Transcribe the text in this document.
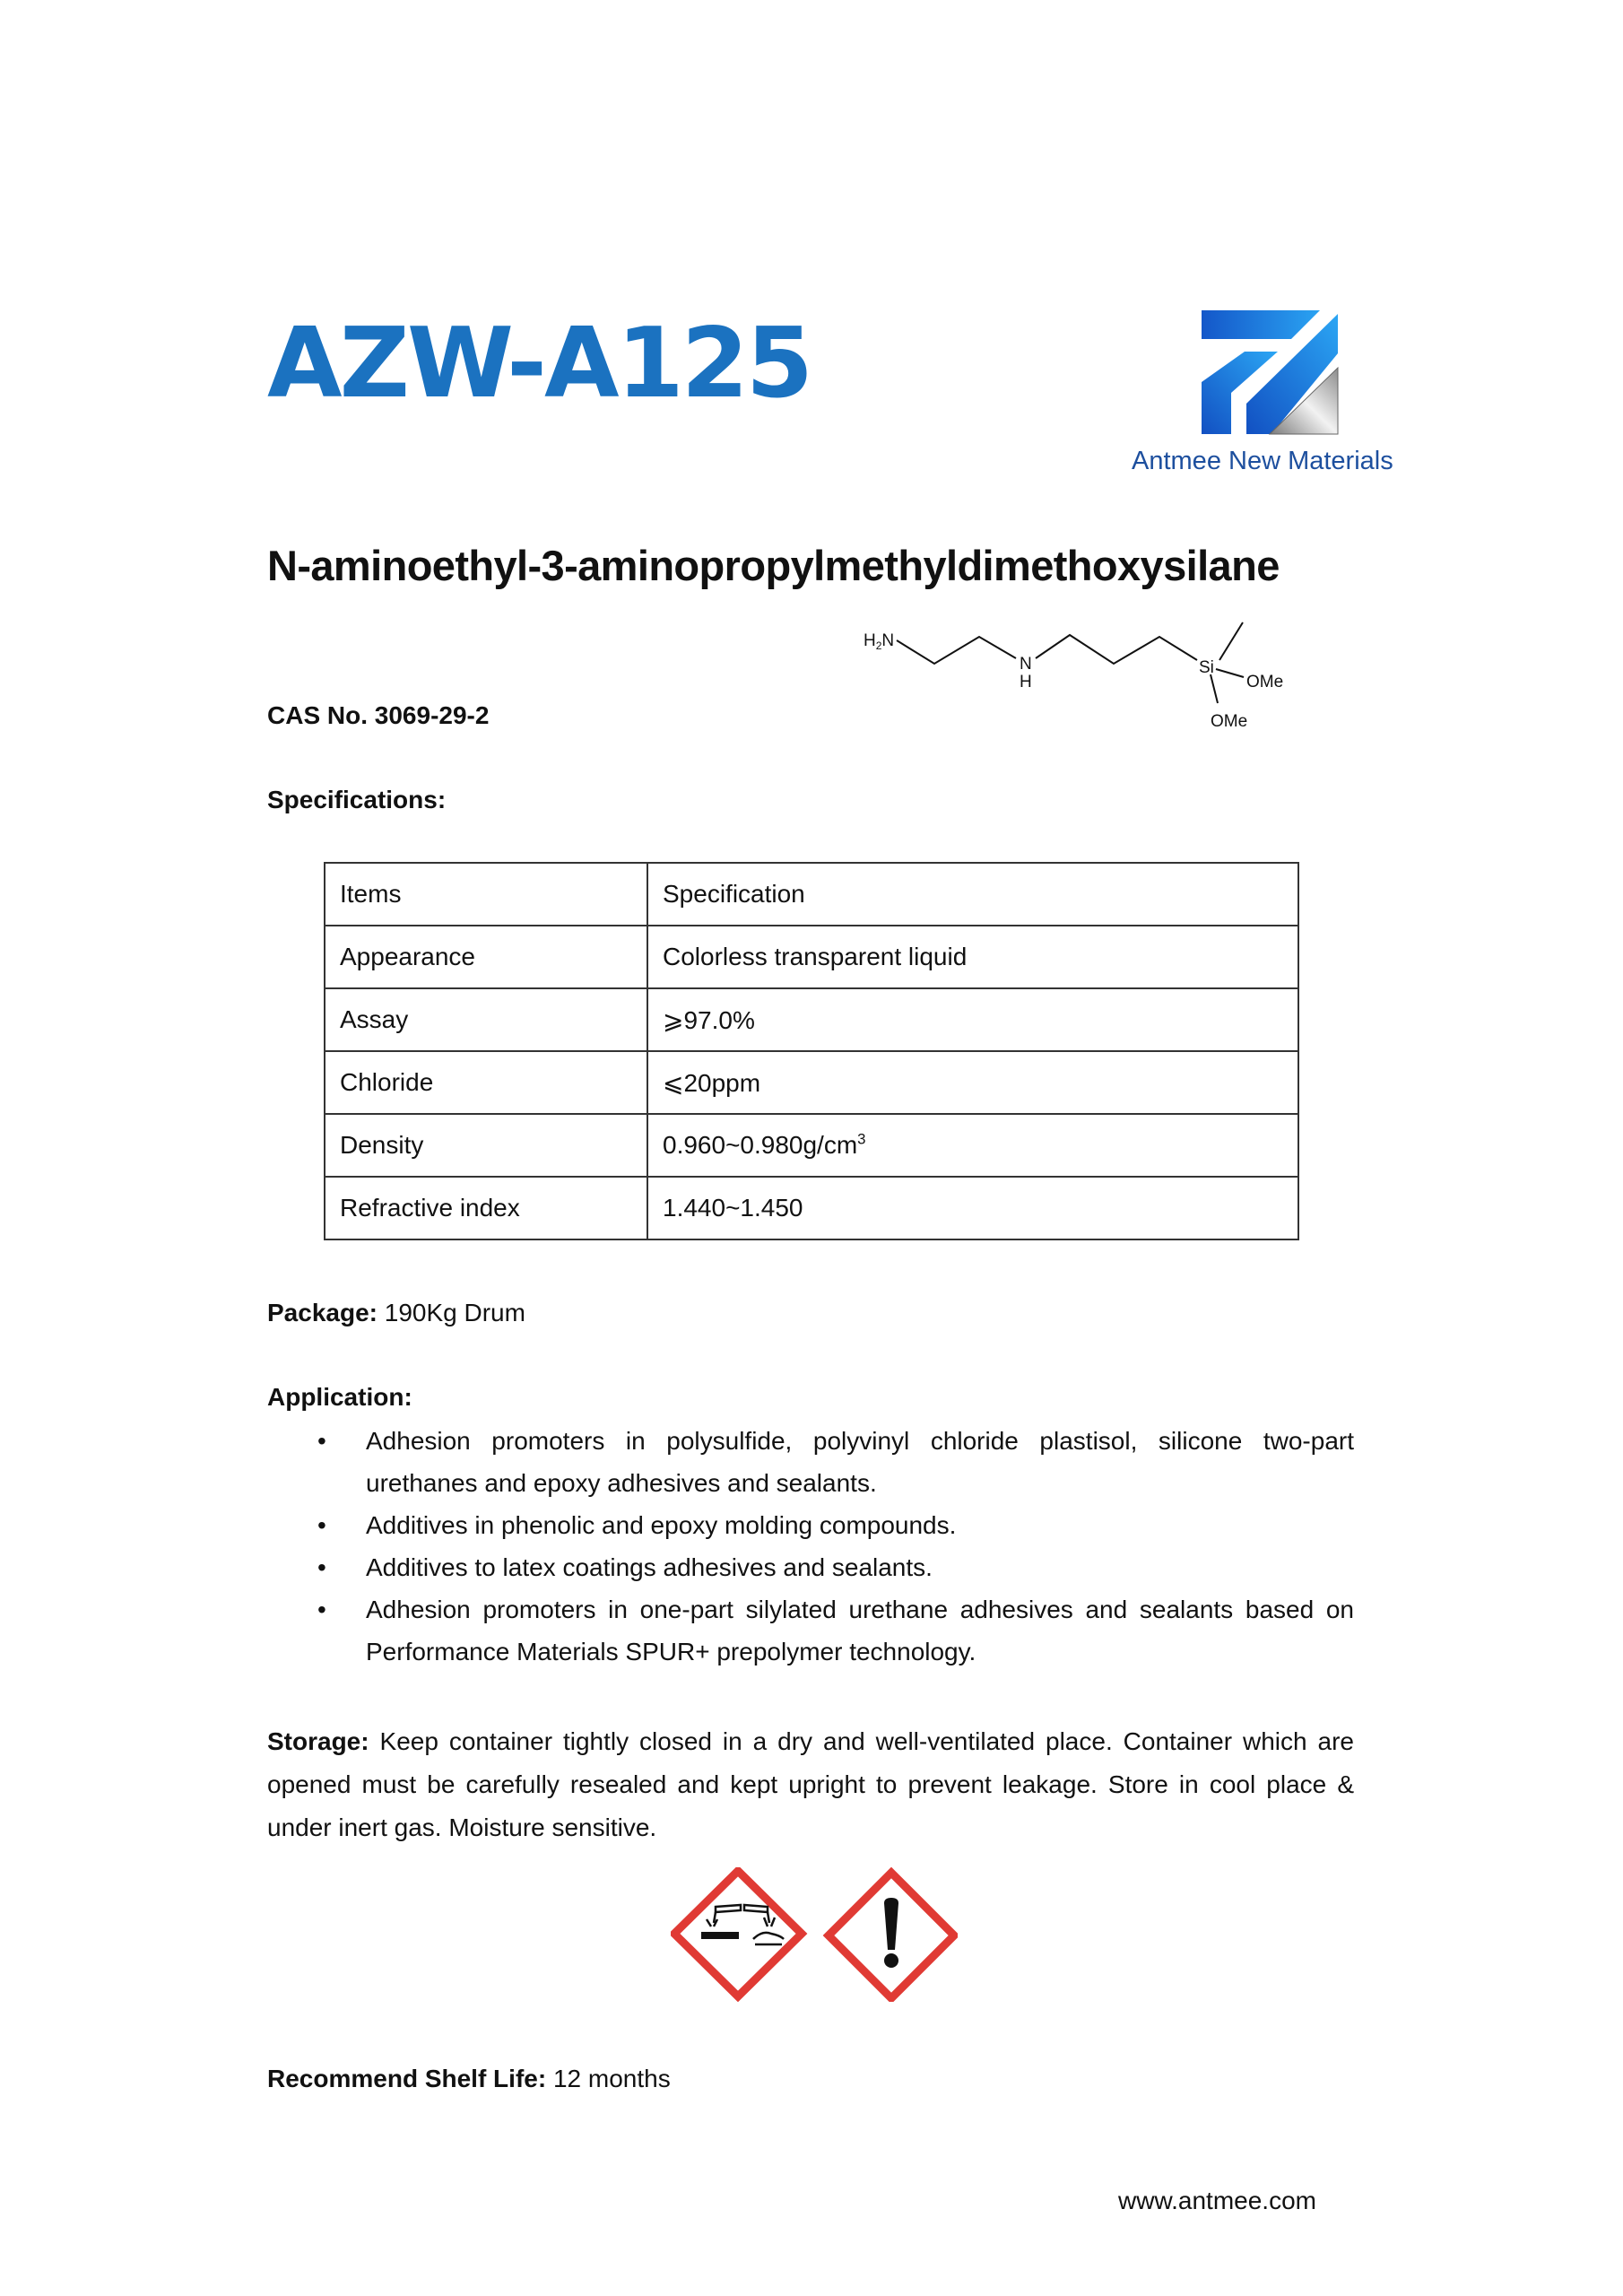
AZW-A125
Antmee New Materials
N-aminoethyl-3-aminopropylmethyldimethoxysilane
$H_2N$
N
H
Si
OMe
OMe
CAS No. 3069-29-2
Specifications:
Items	Specification
Appearance	Colorless transparent liquid
Assay	⩾97.0%
Chloride	⩽20ppm
Density	$0.960\sim 0.980g/cm^3$
Refractive index	1.440~1.450
Package: 190Kg Drum
Application:
• Adhesion promoters in polysulfide, polyvinyl chloride plastisol, silicone two-part urethanes and epoxy adhesives and sealants.
• Additives in phenolic and epoxy molding compounds.
• Additives to latex coatings adhesives and sealants.
• Adhesion promoters in one-part silylated urethane adhesives and sealants based on Performance Materials SPUR+ prepolymer technology.
Storage: Keep container tightly closed in a dry and well-ventilated place. Container which are opened must be carefully resealed and kept upright to prevent leakage. Store in cool place & under inert gas. Moisture sensitive.
Recommend Shelf Life: 12 months
www.antmee.com
